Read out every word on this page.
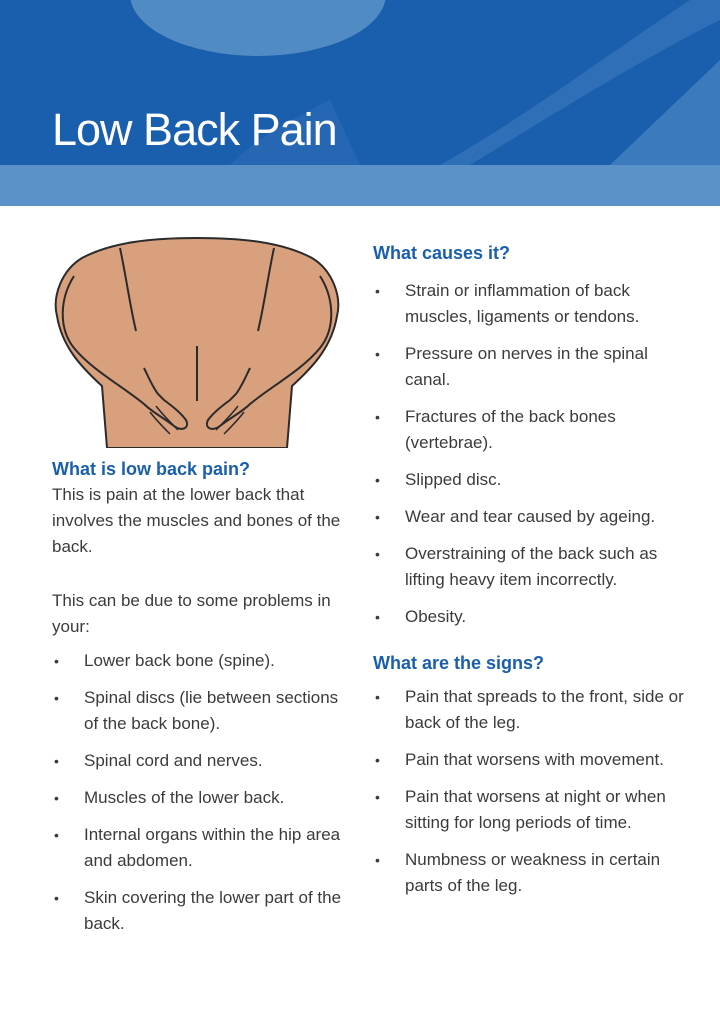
Low Back Pain
What is low back pain?

This is pain at the lower back that involves the muscles and bones of the back.

This can be due to some problems in your:

• Lower back bone (spine).
• Spinal discs (lie between sections of the back bone).
• Spinal cord and nerves.
• Muscles of the lower back.
• Internal organs within the hip area and abdomen.
• Skin covering the lower part of the back.
What causes it?
• Strain or inflammation of back muscles, ligaments or tendons.
• Pressure on nerves in the spinal canal.
• Fractures of the back bones (vertebrae).
• Slipped disc.
• Wear and tear caused by ageing.
• Overstraining of the back such as lifting heavy item incorrectly.
• Obesity.
What are the signs?
• Pain that spreads to the front, side or back of the leg.
• Pain that worsens with movement.
• Pain that worsens at night or when sitting for long periods of time.
• Numbness or weakness in certain parts of the leg.
